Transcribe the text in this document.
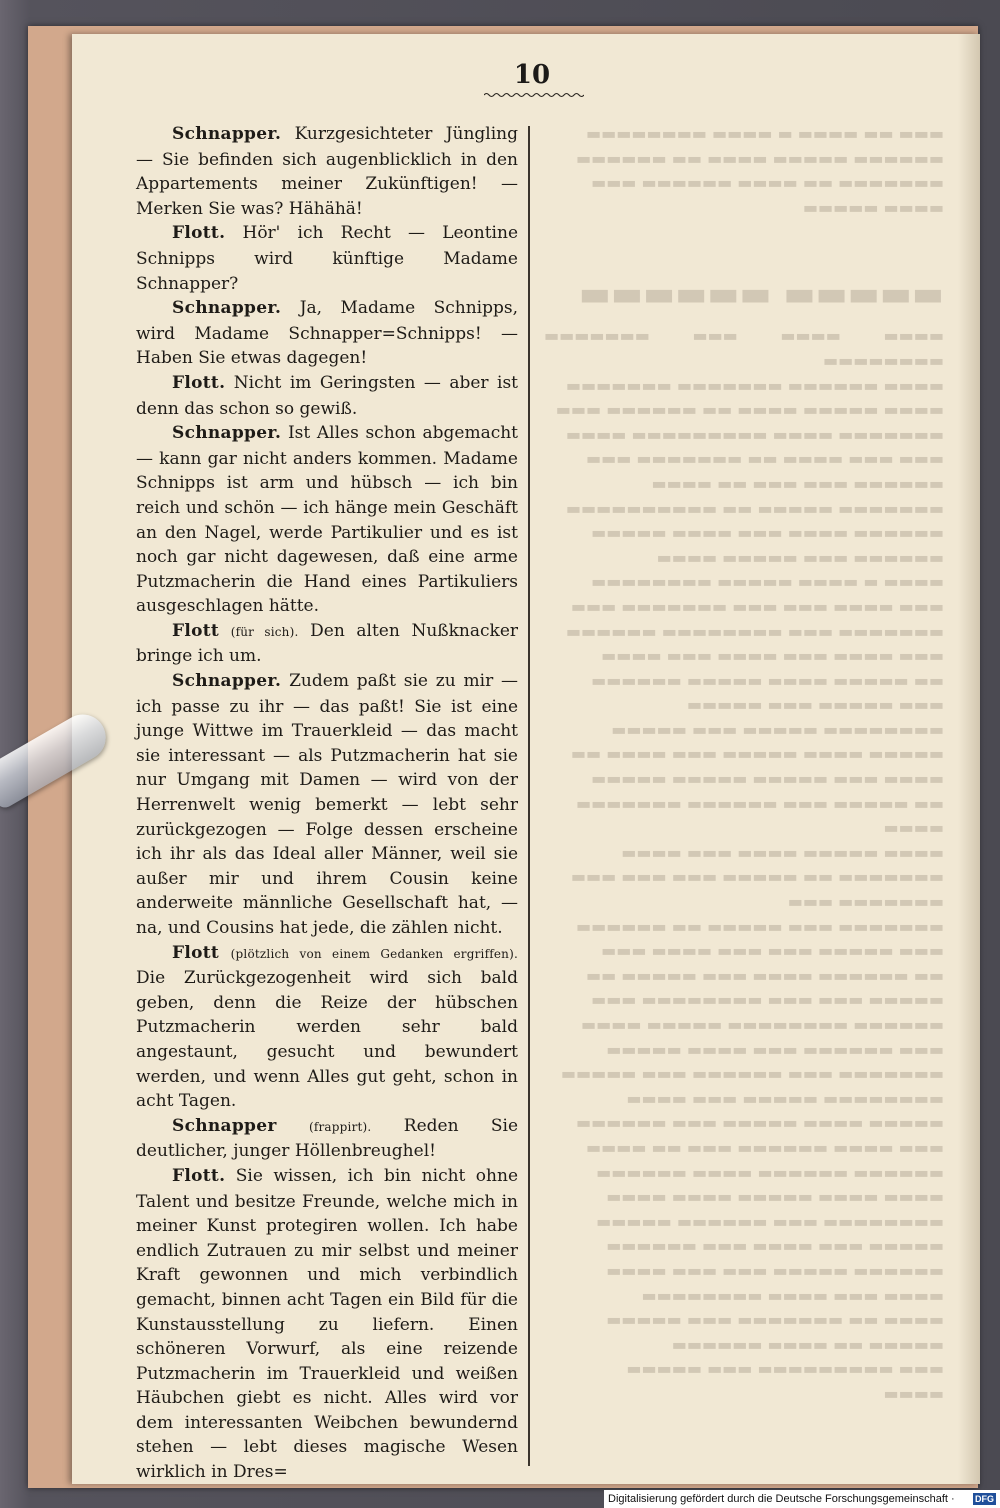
10

Schnapper. Kurzgesichteter Jüngling — Sie befinden sich augenblicklich in den Appartements meiner Zukünftigen! — Merken Sie was? Hähähä!

Flott. Hör' ich Recht — Leontine Schnipps wird künftige Madame Schnapper?

Schnapper. Ja, Madame Schnipps, wird Madame Schnapper=Schnipps! — Haben Sie etwas dagegen!

Flott. Nicht im Geringsten — aber ist denn das schon so gewiß.

Schnapper. Ist Alles schon abgemacht — kann gar nicht anders kommen. Madame Schnipps ist arm und hübsch — ich bin reich und schön — ich hänge mein Geschäft an den Nagel, werde Partikulier und es ist noch gar nicht dagewesen, daß eine arme Putzmacherin die Hand eines Partikuliers ausgeschlagen hätte.

Flott (für sich). Den alten Nußknacker bringe ich um.

Schnapper. Zudem paßt sie zu mir — ich passe zu ihr — das paßt! Sie ist eine junge Wittwe im Trauerkleid — das macht sie interessant — als Putzmacherin hat sie nur Umgang mit Damen — wird von der Herrenwelt wenig bemerkt — lebt sehr zurückgezogen — Folge dessen erscheine ich ihr als das Ideal aller Männer, weil sie außer mir und ihrem Cousin keine anderweite männliche Gesellschaft hat, — na, und Cousins hat jede, die zählen nicht.

Flott (plötzlich von einem Gedanken ergriffen). Die Zurückgezogenheit wird sich bald geben, denn die Reize der hübschen Putzmacherin werden sehr bald angestaunt, gesucht und bewundert werden, und wenn Alles gut geht, schon in acht Tagen.

Schnapper	(frappirt). Reden Sie deutlicher, junger Höllenbreughel!

Flott. Sie wissen, ich bin nicht ohne Talent und besitze Freunde, welche mich in meiner Kunst protegiren wollen. Ich habe endlich Zutrauen zu mir selbst und meiner Kraft gewonnen und mich verbindlich gemacht, binnen acht Tagen ein Bild für die Kunstausstellung zu liefern. Einen schöneren Vorwurf, als eine reizende Putzmacherin im Trauerkleid und weißen Häubchen giebt es nicht. Alles wird vor dem interessanten Weibchen bewundernd stehen — lebt dieses magische Wesen wirklich in Dres=

▬▬▬ ▬▬ ▬▬▬▬ ▬ ▬▬▬▬ ▬▬▬▬▬▬▬▬

▬▬▬▬▬▬ ▬▬▬▬▬ ▬▬▬▬ ▬▬ ▬▬▬▬▬▬

▬▬▬▬▬▬▬ ▬▬ ▬▬▬▬ ▬▬▬▬▬▬ ▬▬▬

▬▬▬▬ ▬▬▬▬▬

▬▬▬▬▬ ▬▬▬▬▬▬

▬▬▬▬ ▬▬▬▬ ▬▬▬ ▬▬▬▬▬▬▬ ▬▬▬▬▬▬▬▬

▬▬▬▬ ▬▬▬▬▬▬ ▬▬▬▬▬▬▬ ▬▬▬▬▬▬▬

▬▬▬▬ ▬▬▬▬▬ ▬▬▬▬ ▬▬ ▬▬▬▬▬▬ ▬▬▬

▬▬▬▬▬▬▬ ▬▬▬▬ ▬▬▬▬▬▬▬▬▬ ▬▬▬▬

▬▬▬ ▬▬▬ ▬▬▬▬ ▬▬ ▬▬▬▬▬▬▬ ▬▬▬

▬▬▬▬▬▬ ▬▬▬ ▬▬▬ ▬▬ ▬▬▬▬

▬▬▬▬▬▬▬ ▬▬▬▬▬ ▬▬ ▬▬▬▬▬▬▬▬▬▬

▬▬▬▬▬▬ ▬▬▬▬ ▬▬▬ ▬▬▬▬ ▬▬▬▬▬

▬▬▬▬▬▬ ▬▬▬ ▬▬▬▬▬ ▬▬▬▬

▬▬▬▬ ▬ ▬▬▬▬ ▬▬▬▬▬ ▬▬▬▬▬▬▬▬

▬▬▬ ▬▬▬▬ ▬▬▬ ▬▬▬ ▬▬▬▬▬▬▬ ▬▬▬

▬▬▬▬▬▬▬ ▬▬▬ ▬▬▬▬▬▬▬▬ ▬▬▬▬▬▬

▬▬▬ ▬▬▬▬ ▬▬▬ ▬▬▬▬ ▬▬▬ ▬▬▬▬

▬▬ ▬▬▬▬▬ ▬▬▬▬ ▬▬▬▬▬ ▬▬▬▬▬▬

▬▬▬ ▬▬▬▬▬ ▬▬▬ ▬▬▬▬▬

▬▬▬▬▬▬▬▬ ▬▬▬▬▬ ▬▬▬ ▬▬▬▬▬

▬▬▬▬▬ ▬▬▬▬ ▬▬▬▬▬ ▬▬▬ ▬▬▬▬ ▬▬

▬▬▬▬ ▬▬▬ ▬▬▬▬▬ ▬▬▬▬▬ ▬▬▬▬▬

▬▬ ▬▬▬▬▬ ▬▬▬ ▬▬▬▬▬▬ ▬▬▬▬▬▬▬

▬▬▬▬

▬▬▬▬ ▬▬▬▬▬ ▬▬▬▬ ▬▬▬ ▬▬▬▬

▬▬▬▬▬▬▬ ▬▬ ▬▬▬▬▬ ▬▬▬ ▬▬▬ ▬▬▬

▬▬▬▬▬▬▬ ▬▬▬

▬▬▬▬▬▬▬ ▬▬▬ ▬▬▬▬▬ ▬▬ ▬▬▬▬▬▬

▬▬▬ ▬▬▬▬▬ ▬▬▬ ▬▬▬ ▬▬▬▬ ▬▬▬

▬▬ ▬▬▬▬▬▬ ▬▬▬▬ ▬▬▬ ▬▬▬▬▬ ▬▬

▬▬▬▬▬ ▬▬▬ ▬▬▬ ▬▬▬▬▬▬▬▬ ▬▬▬

▬▬▬▬▬▬ ▬▬▬▬▬▬▬▬ ▬▬▬▬▬ ▬▬▬▬

▬▬▬ ▬▬▬▬▬▬ ▬▬▬ ▬▬▬▬ ▬▬▬▬▬

▬▬▬▬▬▬▬ ▬▬▬ ▬▬▬▬▬▬ ▬▬▬ ▬▬▬▬▬

▬▬▬▬▬▬▬▬ ▬▬▬▬▬ ▬▬▬ ▬▬▬▬

▬▬▬▬▬ ▬▬▬▬ ▬▬▬▬▬ ▬▬▬ ▬▬▬▬▬▬

▬▬▬ ▬▬▬▬ ▬▬▬▬▬▬ ▬▬▬ ▬▬ ▬▬▬▬

▬▬▬▬▬▬ ▬▬▬▬▬▬ ▬▬▬▬ ▬▬▬▬▬▬

▬▬▬▬ ▬▬▬▬ ▬▬▬▬▬ ▬▬▬▬ ▬▬▬▬

▬▬▬▬▬▬▬▬ ▬▬▬ ▬▬▬▬▬▬ ▬▬▬▬▬

▬▬▬▬▬ ▬▬▬ ▬▬▬▬ ▬▬▬ ▬▬▬▬▬▬

▬▬▬▬▬▬ ▬▬▬▬▬ ▬▬▬ ▬▬▬ ▬▬▬▬

▬▬▬▬ ▬▬▬ ▬▬▬▬ ▬▬▬▬▬▬▬▬

▬▬▬▬ ▬▬ ▬▬▬▬▬▬▬ ▬▬▬ ▬▬▬▬▬

▬▬▬▬▬ ▬▬ ▬▬▬▬ ▬▬▬▬▬▬

▬▬▬ ▬▬▬▬▬▬▬▬▬ ▬▬▬ ▬▬▬▬▬

▬▬▬▬

Digitalisierung gefördert durch die Deutsche Forschungsgemeinschaft · DFG
